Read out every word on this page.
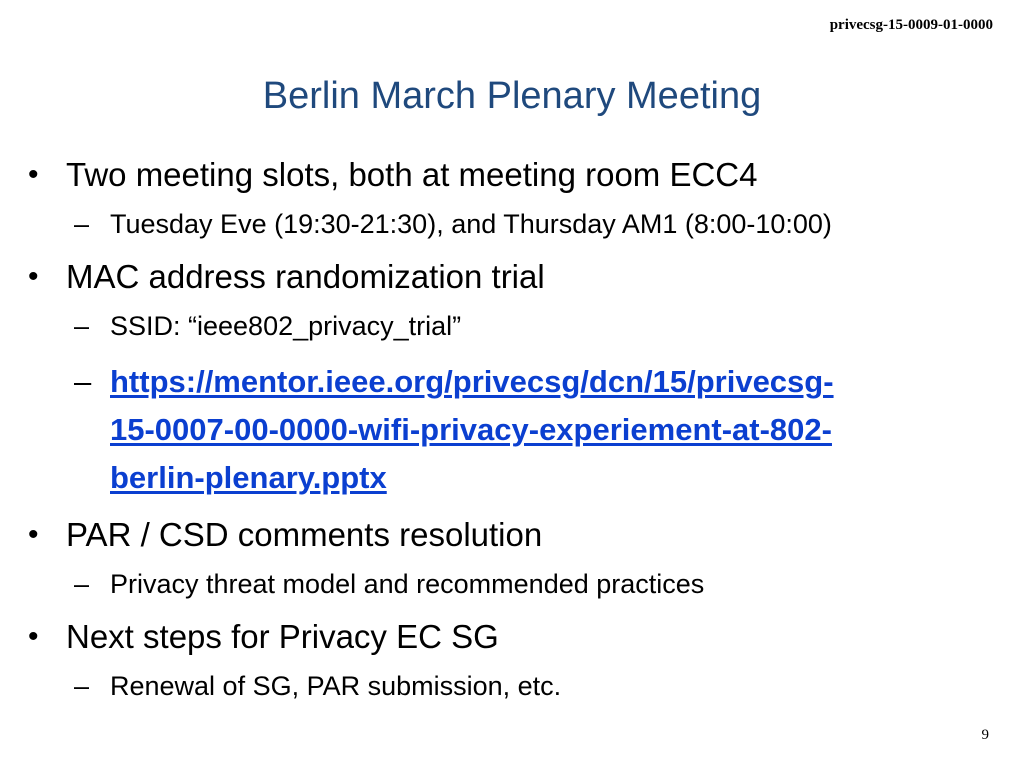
privecsg-15-0009-01-0000
Berlin March Plenary Meeting
• Two meeting slots, both at meeting room ECC4
– Tuesday Eve (19:30-21:30), and Thursday AM1 (8:00-10:00)
• MAC address randomization trial
– SSID: “ieee802_privacy_trial”
– https://mentor.ieee.org/privecsg/dcn/15/privecsg-
15-0007-00-0000-wifi-privacy-experiement-at-802-
berlin-plenary.pptx
• PAR / CSD comments resolution
– Privacy threat model and recommended practices
• Next steps for Privacy EC SG
– Renewal of SG, PAR submission, etc.
9
